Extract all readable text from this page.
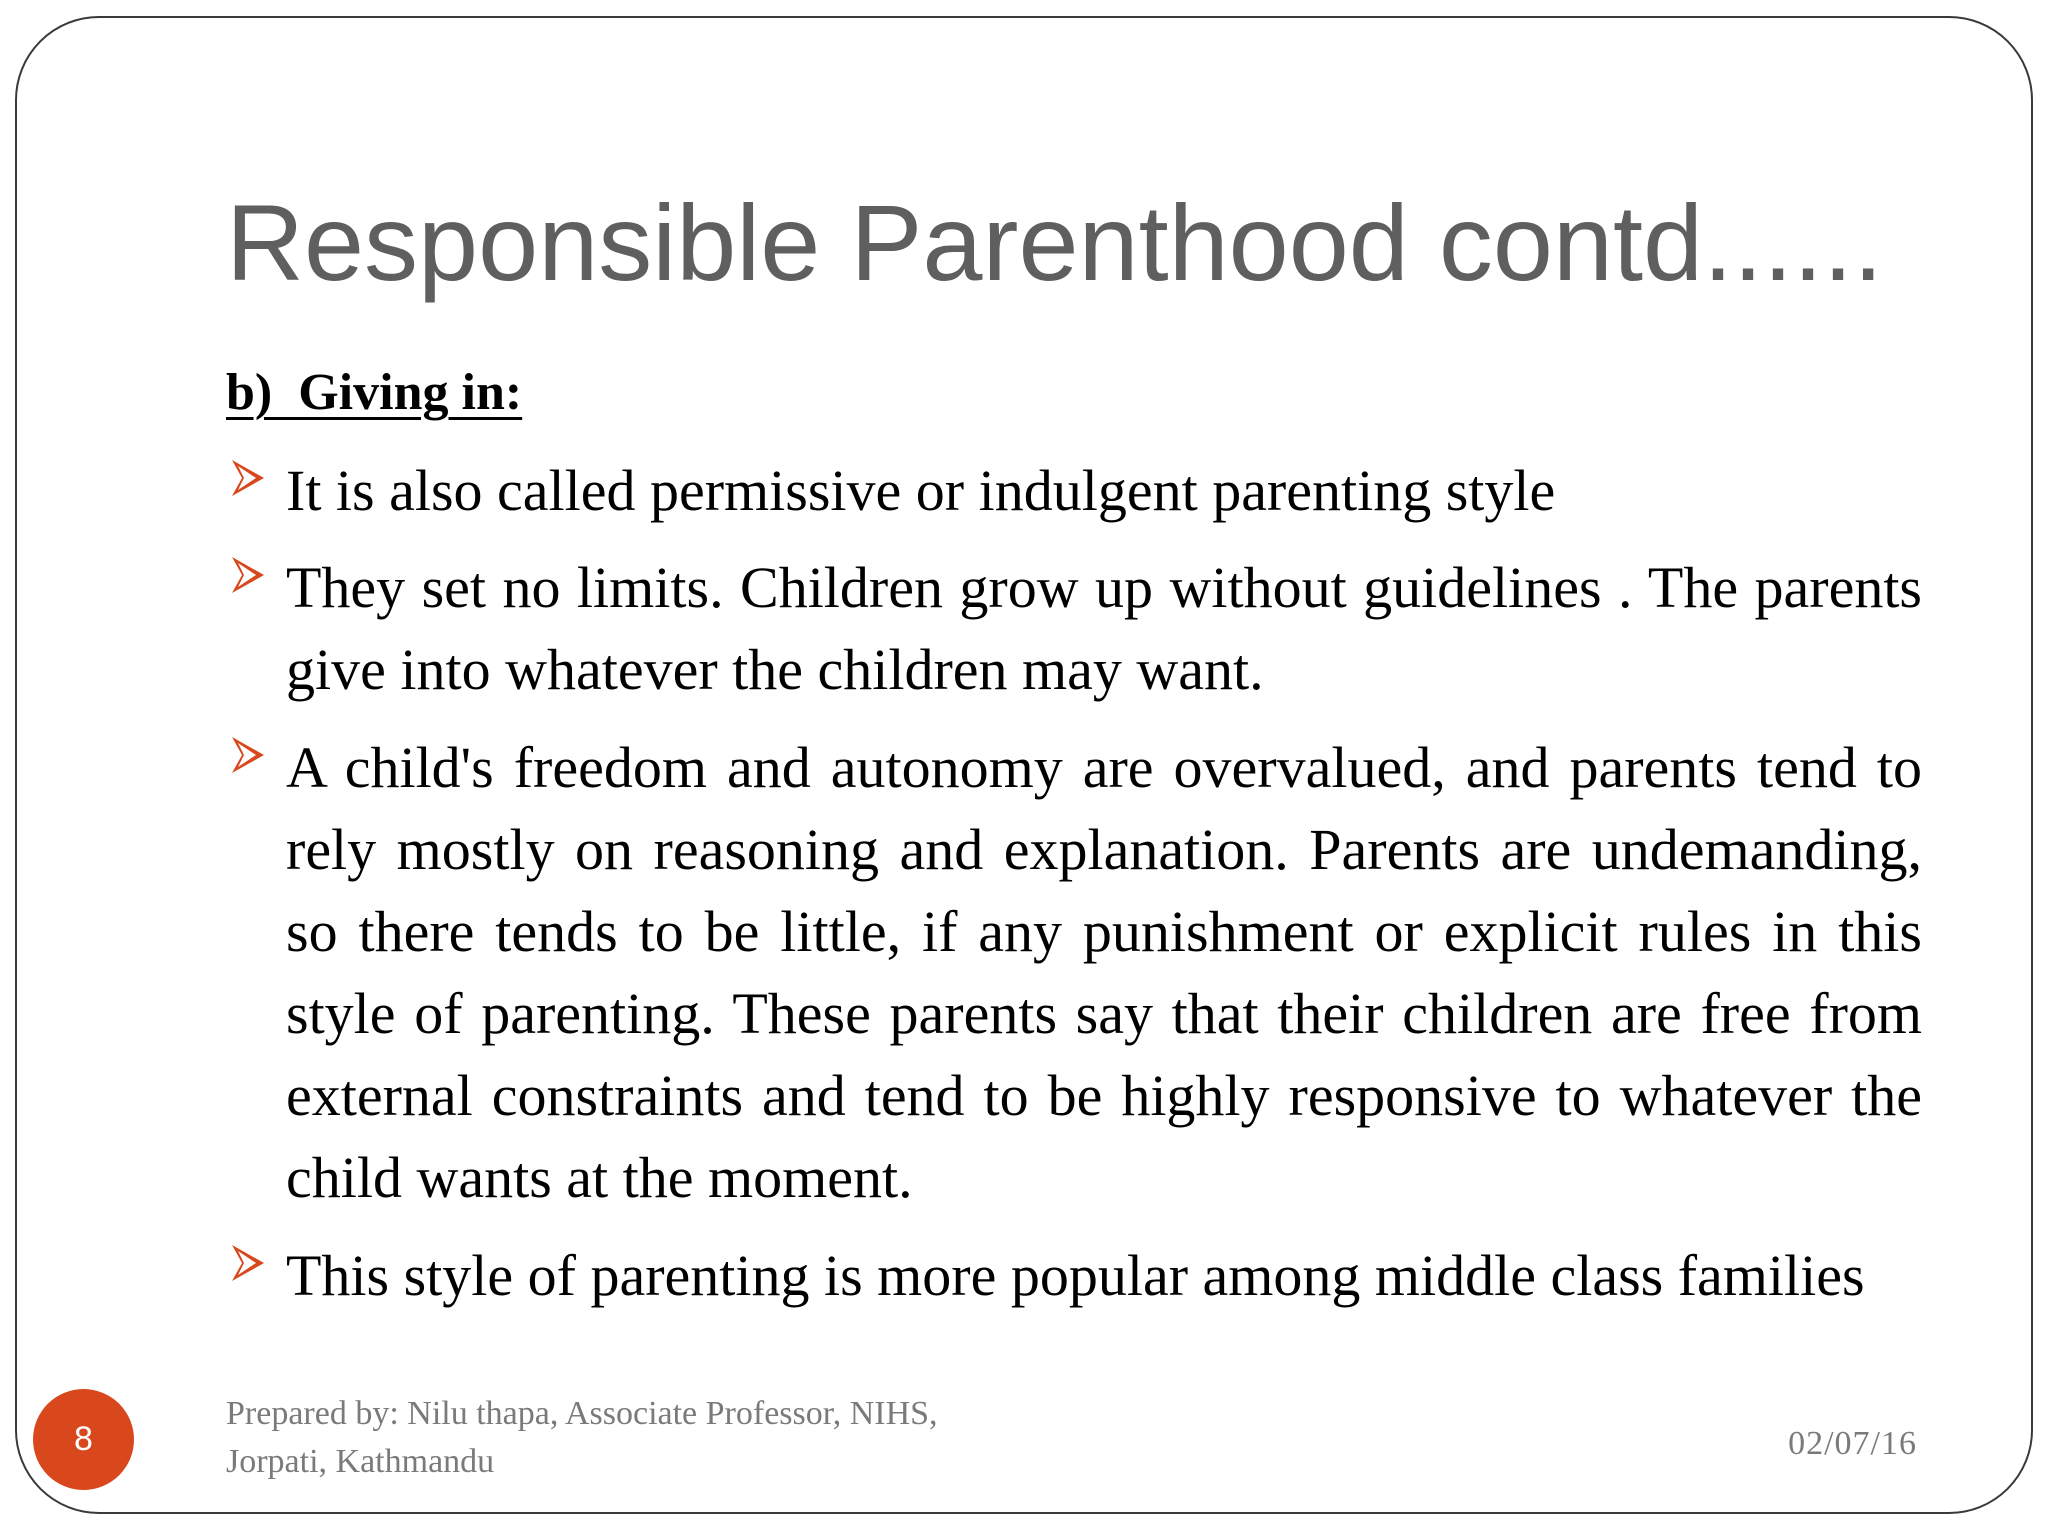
Responsible Parenthood contd......
b)  Giving in:
It is also called permissive or indulgent parenting style
They set no limits. Children grow up without guidelines . The parents give into whatever the children may want.
A child's freedom and autonomy are overvalued, and parents tend to rely mostly on reasoning and explanation. Parents are undemanding, so there tends to be little, if any punishment or explicit rules in this style of parenting. These parents say that their children are free from external constraints and tend to be highly responsive to whatever the child wants at the moment.
This style of parenting is more popular among middle class families
8
Prepared by: Nilu thapa, Associate Professor, NIHS,
Jorpati, Kathmandu	02/07/16
